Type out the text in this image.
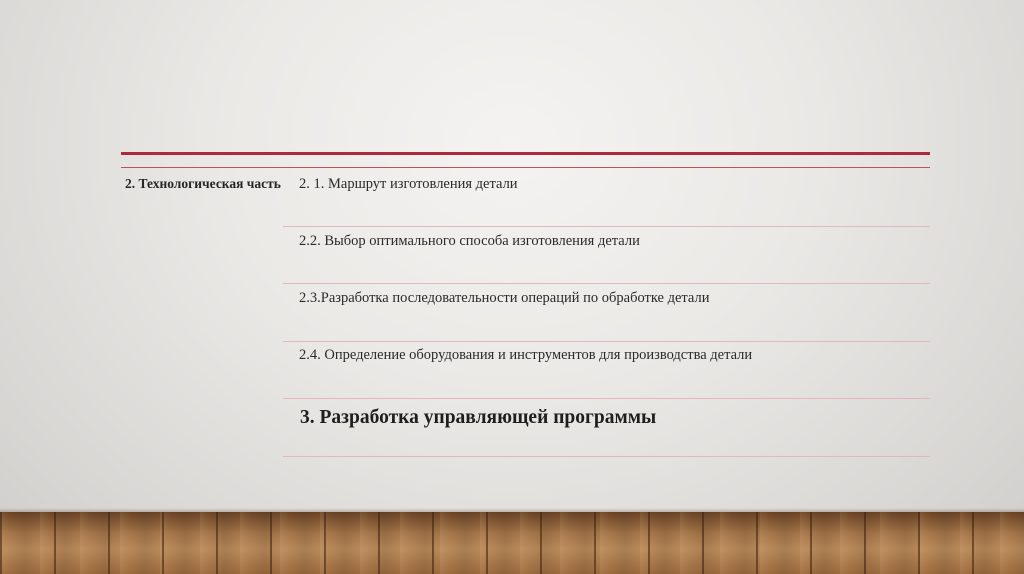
2. Технологическая часть 2. 1. Маршрут изготовления детали
2.2. Выбор оптимального способа изготовления детали
2.3.Разработка последовательности операций по обработке детали
2.4. Определение оборудования и инструментов для производства детали
3. Разработка управляющей программы
